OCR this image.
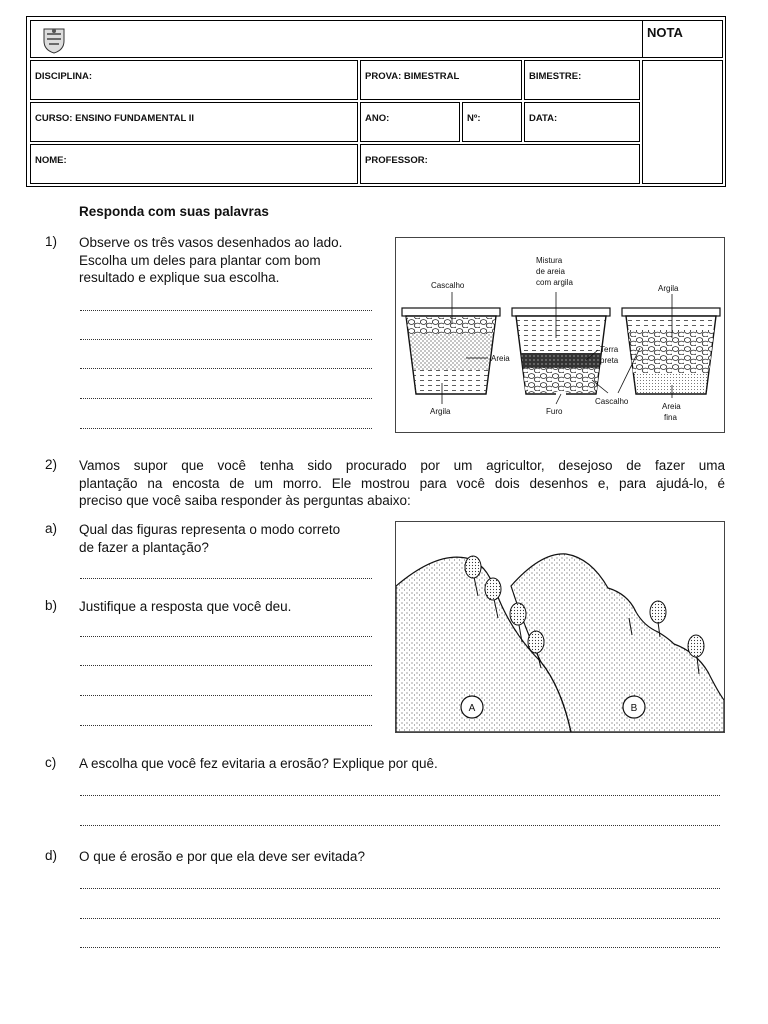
NOTA
DISCIPLINA:	PROVA: BIMESTRAL	BIMESTRE:
CURSO: ENSINO FUNDAMENTAL II	ANO:	Nº:	DATA:
NOME:	PROFESSOR:
Responda com suas palavras
1) Observe os três vasos desenhados ao lado.
Escolha um deles para plantar com bom
resultado e explique sua escolha.
Cascalho
Mistura
de areia
com argila
Argila
Areia
Terra
preta
Argila	Furo
Cascalho
Areia
fina
2) Vamos supor que você tenha sido procurado por um agricultor, desejoso de fazer uma
plantação na encosta de um morro. Ele mostrou para você dois desenhos e, para ajudá-lo, é
preciso que você saiba responder às perguntas abaixo:
a) Qual das figuras representa o modo correto
de fazer a plantação?
b) Justifique a resposta que você deu.
A	B
c) A escolha que você fez evitaria a erosão? Explique por quê.
d) O que é erosão e por que ela deve ser evitada?
